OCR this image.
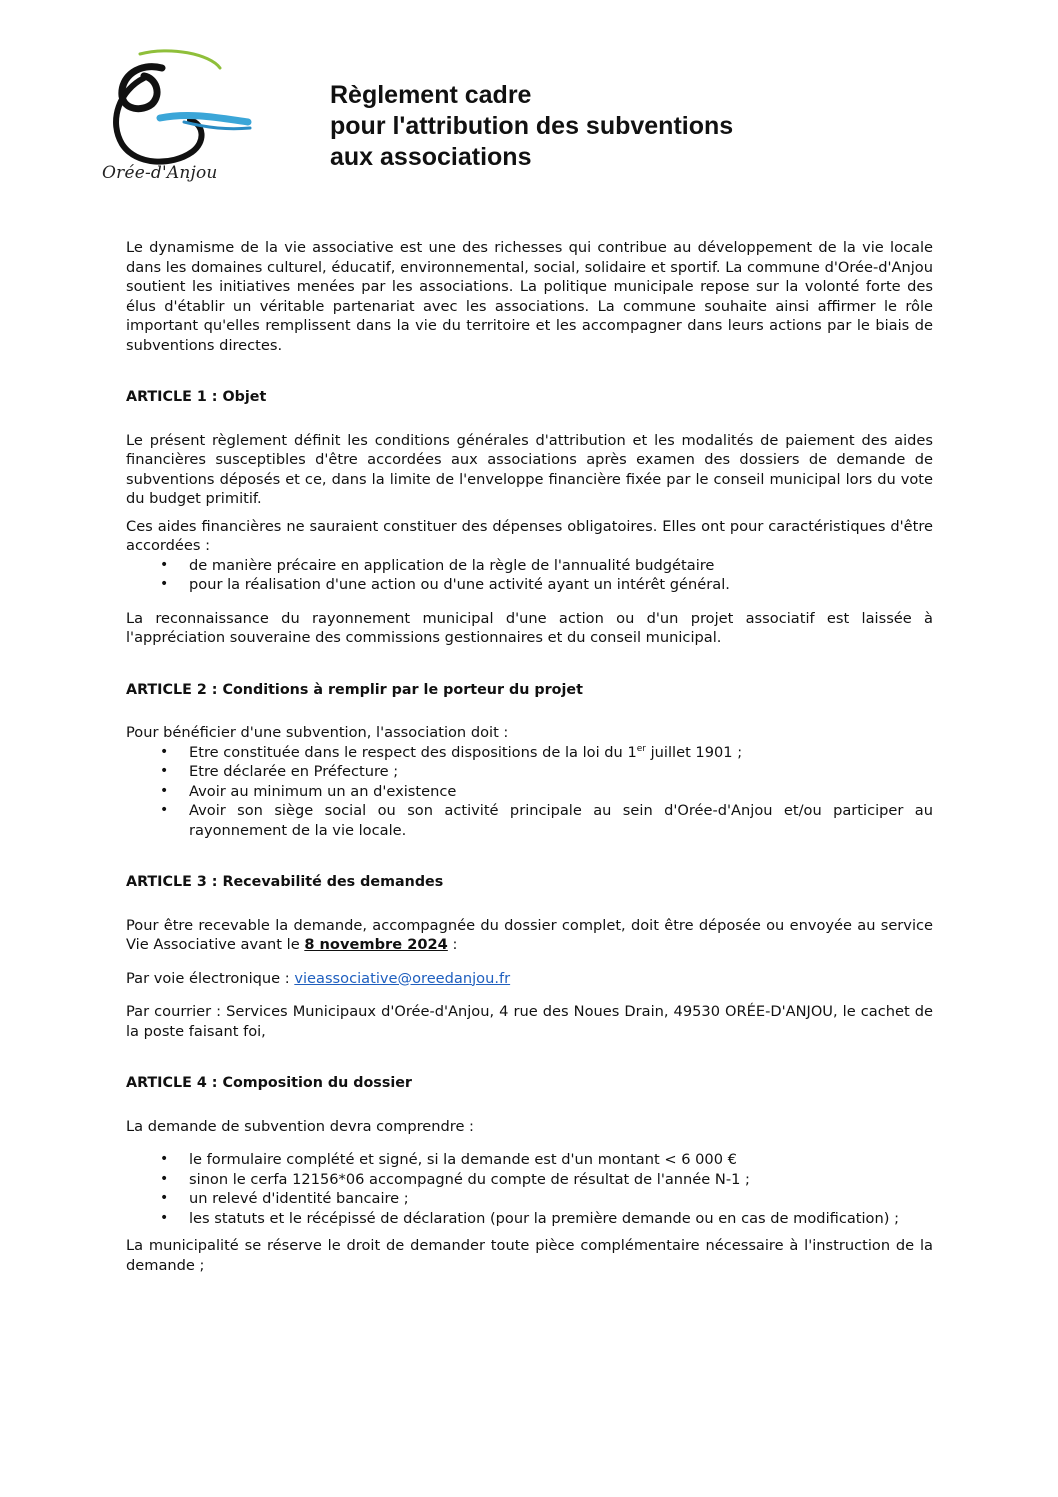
Orée-d'Anjou
Règlement cadre
pour l'attribution des subventions
aux associations

Le dynamisme de la vie associative est une des richesses qui contribue au développement de la vie locale dans les domaines culturel, éducatif, environnemental, social, solidaire et sportif. La commune d'Orée-d'Anjou soutient les initiatives menées par les associations. La politique municipale repose sur la volonté forte des élus d'établir un véritable partenariat avec les associations. La commune souhaite ainsi affirmer le rôle important qu'elles remplissent dans la vie du territoire et les accompagner dans leurs actions par le biais de subventions directes.

ARTICLE 1 : Objet

Le présent règlement définit les conditions générales d'attribution et les modalités de paiement des aides financières susceptibles d'être accordées aux associations après examen des dossiers de demande de subventions déposés et ce, dans la limite de l'enveloppe financière fixée par le conseil municipal lors du vote du budget primitif.

Ces aides financières ne sauraient constituer des dépenses obligatoires. Elles ont pour caractéristiques d'être accordées :

• de manière précaire en application de la règle de l'annualité budgétaire
• pour la réalisation d'une action ou d'une activité ayant un intérêt général.

La reconnaissance du rayonnement municipal d'une action ou d'un projet associatif est laissée à l'appréciation souveraine des commissions gestionnaires et du conseil municipal.

ARTICLE 2 : Conditions à remplir par le porteur du projet

Pour bénéficier d'une subvention, l'association doit :

• Etre constituée dans le respect des dispositions de la loi du 1er juillet 1901 ;
• Etre déclarée en Préfecture ;
• Avoir au minimum un an d'existence
• Avoir son siège social ou son activité principale au sein d'Orée-d'Anjou et/ou participer au rayonnement de la vie locale.
ARTICLE 3 : Recevabilité des demandes

Pour être recevable la demande, accompagnée du dossier complet, doit être déposée ou envoyée au service Vie Associative avant le 8 novembre 2024 :

Par voie électronique : vieassociative@oreedanjou.fr

Par courrier : Services Municipaux d'Orée-d'Anjou, 4 rue des Noues Drain, 49530 ORÉE-D'ANJOU, le cachet de la poste faisant foi,

ARTICLE 4 : Composition du dossier

La demande de subvention devra comprendre :

• le formulaire complété et signé, si la demande est d'un montant < 6 000 €
• sinon le cerfa 12156*06 accompagné du compte de résultat de l'année N-1 ;
• un relevé d'identité bancaire ;
• les statuts et le récépissé de déclaration (pour la première demande ou en cas de modification) ;

La municipalité se réserve le droit de demander toute pièce complémentaire nécessaire à l'instruction de la demande ;
